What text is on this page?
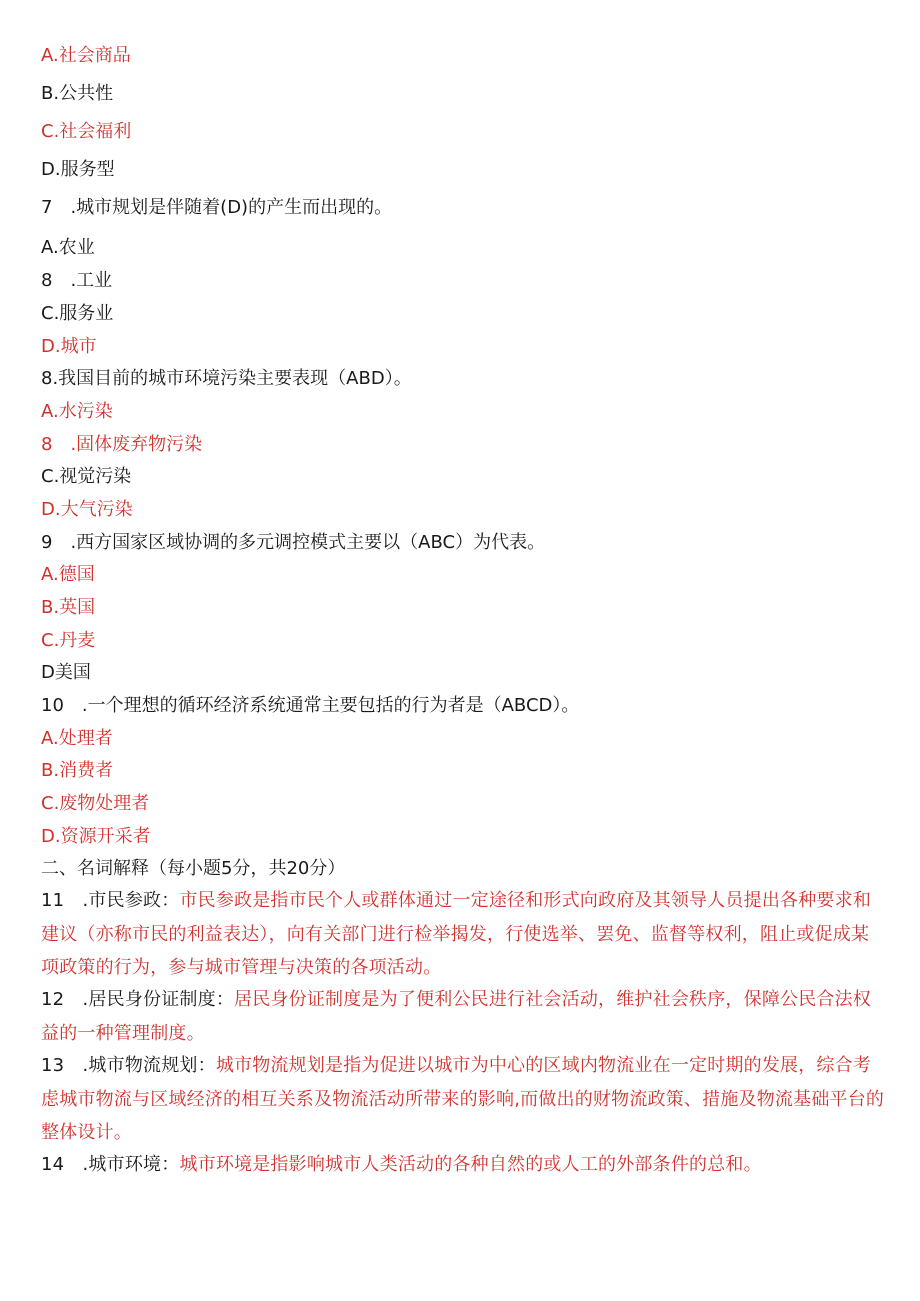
A.社会商品
B.公共性
C.社会福利
D.服务型
7　.城市规划是伴随着(D)的产生而出现的。
A.农业
8　.工业
C.服务业
D.城市
8.我国目前的城市环境污染主要表现（ABD）。
A.水污染
8　.固体废弃物污染
C.视觉污染
D.大气污染
9　.西方国家区域协调的多元调控模式主要以（ABC）为代表。
A.德国
B.英国
C.丹麦
D美国
10　.一个理想的循环经济系统通常主要包括的行为者是（ABCD）。
A.处理者
B.消费者
C.废物处理者
D.资源开采者
二、名词解释（每小题5分，共20分）
11　.市民参政：市民参政是指市民个人或群体通过一定途径和形式向政府及其领导人员提出各种要求和建议（亦称市民的利益表达），向有关部门进行检举揭发，行使选举、罢免、监督等权利，阻止或促成某项政策的行为，参与城市管理与决策的各项活动。
12　.居民身份证制度：居民身份证制度是为了便利公民进行社会活动，维护社会秩序，保障公民合法权益的一种管理制度。
13　.城市物流规划：城市物流规划是指为促进以城市为中心的区域内物流业在一定时期的发展，综合考虑城市物流与区域经济的相互关系及物流活动所带来的影响,而做出的财物流政策、措施及物流基础平台的整体设计。
14　.城市环境：城市环境是指影响城市人类活动的各种自然的或人工的外部条件的总和。
